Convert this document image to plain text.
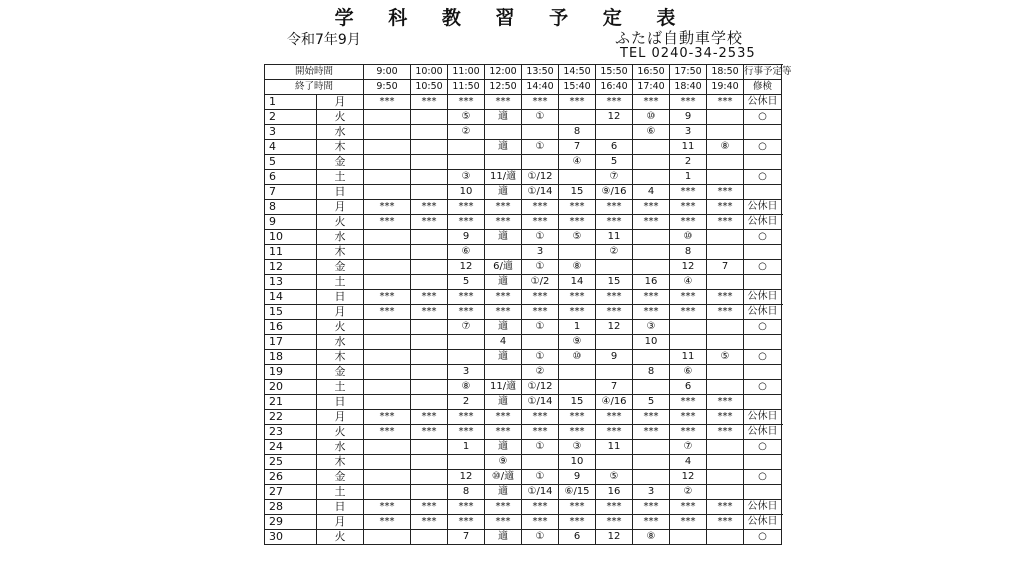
学 科 教 習 予 定 表
令和7年9月	ふたば自動車学校
TEL 0240-34-2535
開始時間		9:00	10:00	11:00	12:00	13:50	14:50	15:50	16:50	17:50	18:50	行事予定等	
終了時間		9:50	10:50	11:50	12:50	14:40	15:40	16:40	17:40	18:40	19:40	修検	
1	月	***	***	***	***	***	***	***	***	***	***	公休日	
2	火			⑤	適	①		12	⑩	9		○	
3	水			②			8		⑥	3			
4	木				適	①	7	6		11	⑧	○	
5	金						④	5		2			
6	土			③	11/適	①/12		⑦		1		○	
7	日			10	適	①/14	15	⑨/16	4	***	***		
8	月	***	***	***	***	***	***	***	***	***	***	公休日	
9	火	***	***	***	***	***	***	***	***	***	***	公休日	
10	水			9	適	①	⑤	11		⑩		○	
11	木			⑥		3		②		8			
12	金			12	6/適	①	⑧			12	7	○	
13	土			5	適	①/2	14	15	16	④			
14	日	***	***	***	***	***	***	***	***	***	***	公休日	
15	月	***	***	***	***	***	***	***	***	***	***	公休日	
16	火			⑦	適	①	1	12	③			○	
17	水				4		⑨		10				
18	木				適	①	⑩	9		11	⑤	○	
19	金			3		②			8	⑥			
20	土			⑧	11/適	①/12		7		6		○	
21	日			2	適	①/14	15	④/16	5	***	***		
22	月	***	***	***	***	***	***	***	***	***	***	公休日	
23	火	***	***	***	***	***	***	***	***	***	***	公休日	
24	水			1	適	①	③	11		⑦		○	
25	木				⑨		10			4			
26	金			12	⑩/適	①	9	⑤		12		○	
27	土			8	適	①/14	⑥/15	16	3	②			
28	日	***	***	***	***	***	***	***	***	***	***	公休日	
29	月	***	***	***	***	***	***	***	***	***	***	公休日	
30	火			7	適	①	6	12	⑧			○	
